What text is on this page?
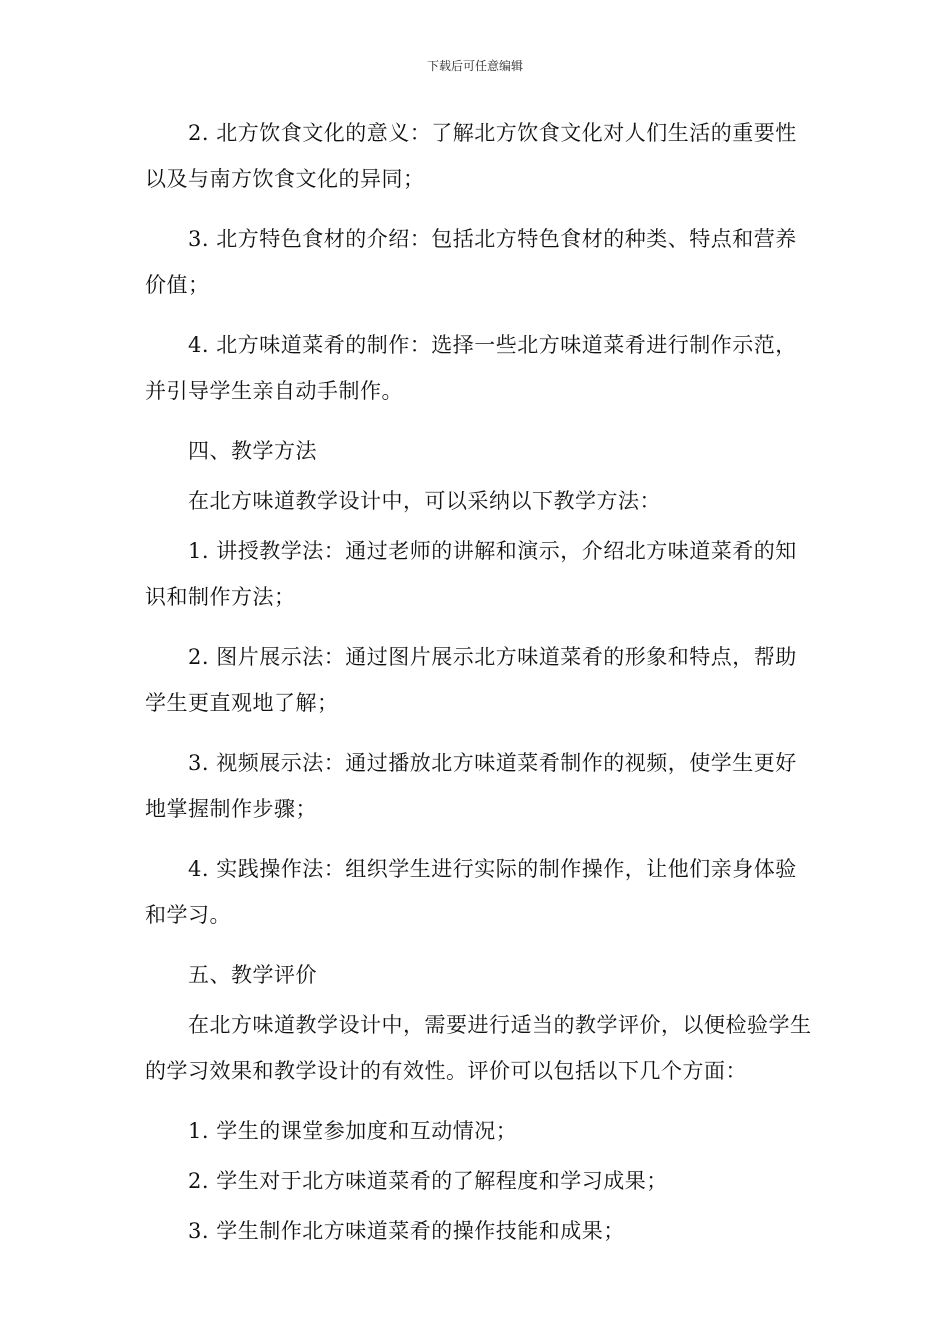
下载后可任意编辑

2. 北方饮食文化的意义：了解北方饮食文化对人们生活的重要性以及与南方饮食文化的异同；

3. 北方特色食材的介绍：包括北方特色食材的种类、特点和营养价值；

4. 北方味道菜肴的制作：选择一些北方味道菜肴进行制作示范，并引导学生亲自动手制作。

四、教学方法

在北方味道教学设计中，可以采纳以下教学方法：

1. 讲授教学法：通过老师的讲解和演示，介绍北方味道菜肴的知识和制作方法；

2. 图片展示法：通过图片展示北方味道菜肴的形象和特点，帮助学生更直观地了解；

3. 视频展示法：通过播放北方味道菜肴制作的视频，使学生更好地掌握制作步骤；

4. 实践操作法：组织学生进行实际的制作操作，让他们亲身体验和学习。

五、教学评价

在北方味道教学设计中，需要进行适当的教学评价，以便检验学生的学习效果和教学设计的有效性。评价可以包括以下几个方面：

1. 学生的课堂参加度和互动情况；

2. 学生对于北方味道菜肴的了解程度和学习成果；

3. 学生制作北方味道菜肴的操作技能和成果；
